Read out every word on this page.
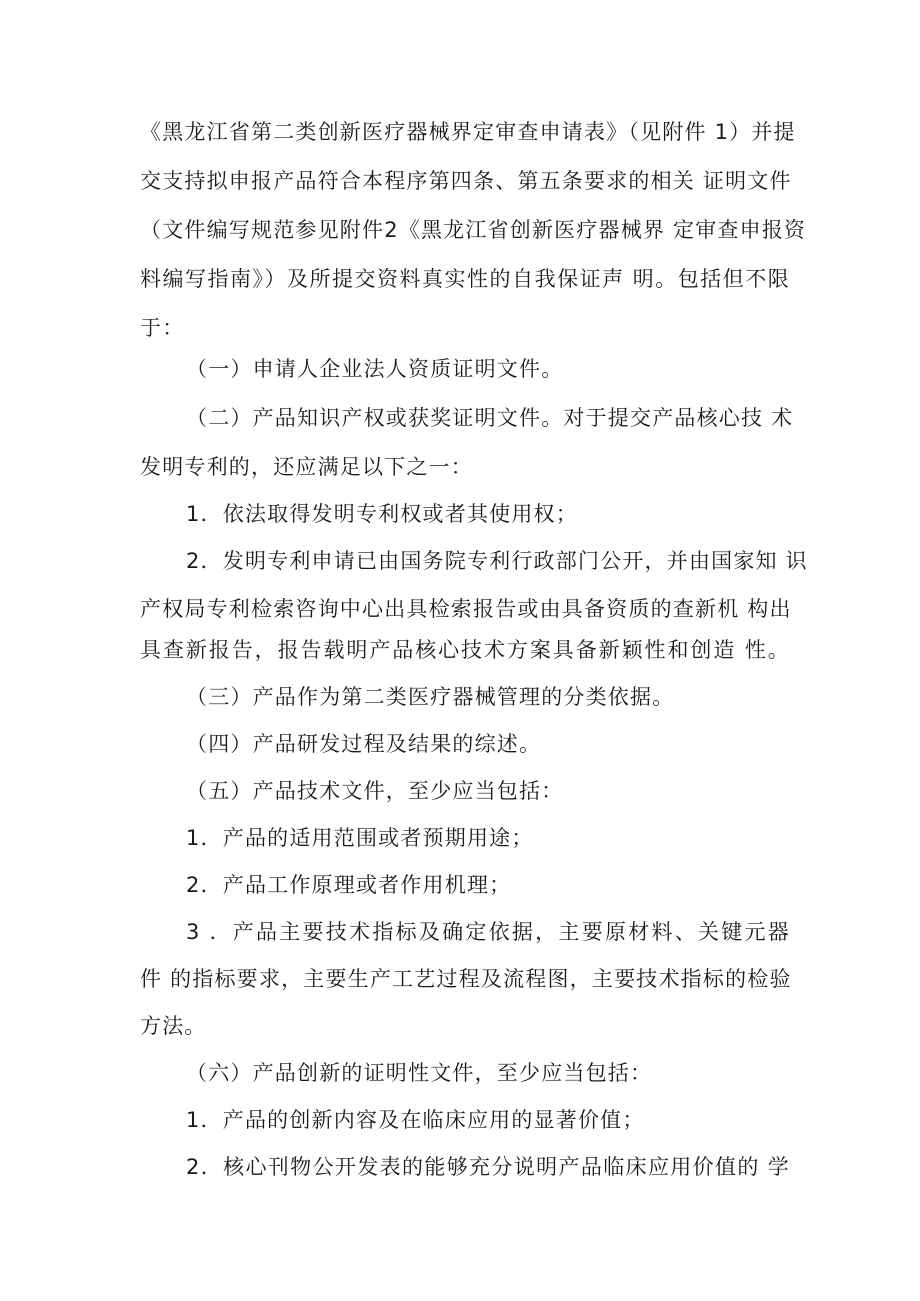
《黑龙江省第二类创新医疗器械界定审查申请表》（见附件 1）并提
交支持拟申报产品符合本程序第四条、第五条要求的相关 证明文件
（文件编写规范参见附件2《黑龙江省创新医疗器械界 定审查申报资
料编写指南》）及所提交资料真实性的自我保证声 明。包括但不限
于：
（一）申请人企业法人资质证明文件。
（二）产品知识产权或获奖证明文件。对于提交产品核心技 术
发明专利的，还应满足以下之一：
1．依法取得发明专利权或者其使用权；
2．发明专利申请已由国务院专利行政部门公开，并由国家知 识
产权局专利检索咨询中心出具检索报告或由具备资质的查新机 构出
具查新报告，报告载明产品核心技术方案具备新颖性和创造 性。
（三）产品作为第二类医疗器械管理的分类依据。
（四）产品研发过程及结果的综述。
（五）产品技术文件，至少应当包括：
1．产品的适用范围或者预期用途；
2．产品工作原理或者作用机理；
3 ．产品主要技术指标及确定依据，主要原材料、关键元器
件 的指标要求，主要生产工艺过程及流程图，主要技术指标的检验
方法。
（六）产品创新的证明性文件，至少应当包括：
1．产品的创新内容及在临床应用的显著价值；
2．核心刊物公开发表的能够充分说明产品临床应用价值的 学
